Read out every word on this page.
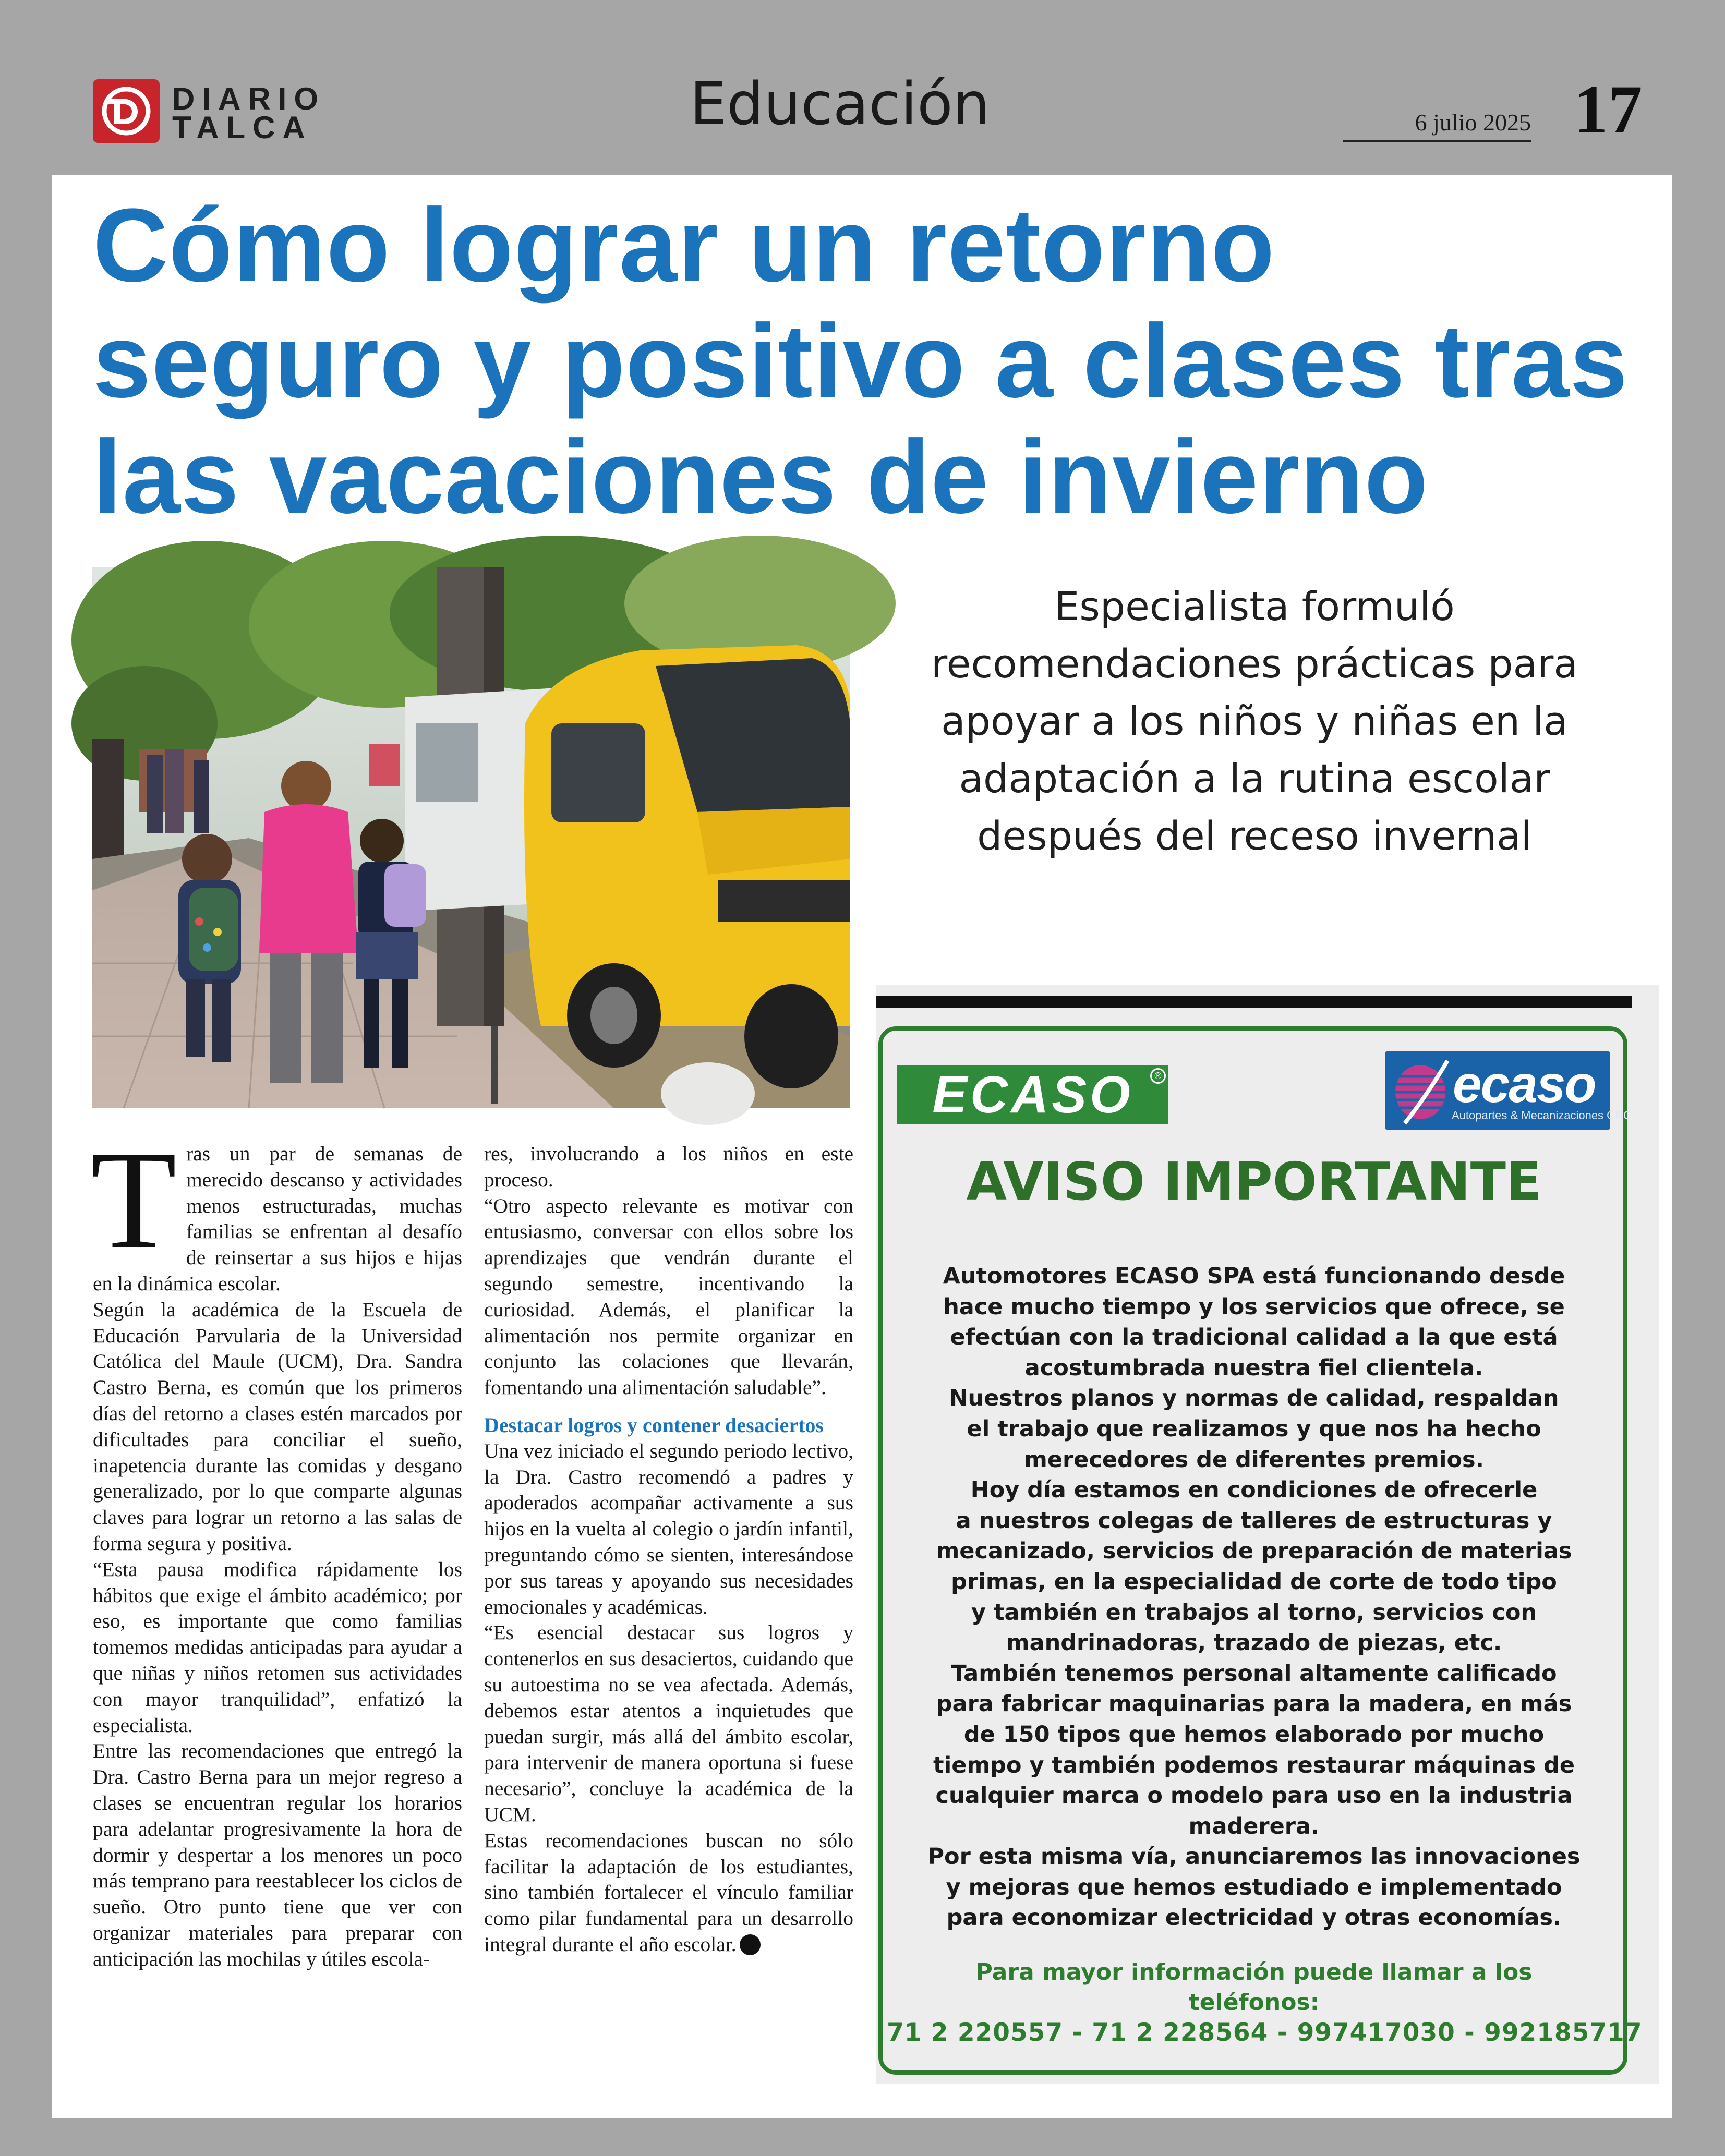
DIARIO
TALCA	Educación	6 julio 2025 17
Cómo lograr un retorno
seguro y positivo a clases tras
las vacaciones de invierno
Especialista formuló
recomendaciones prácticas para
apoyar a los niños y niñas en la
adaptación a la rutina escolar
después del receso invernal

Tras un par de semanas de merecido descanso y actividades menos estructuradas, muchas familias se enfrentan al desafío de reinsertar a sus hijos e hijas en la dinámica escolar.

Según la académica de la Escuela de Educación Parvularia de la Universidad Católica del Maule (UCM), Dra. Sandra Castro Berna, es común que los primeros días del retorno a clases estén marcados por dificultades para conciliar el sueño, inapetencia durante las comidas y desgano generalizado, por lo que comparte algunas claves para lograr un retorno a las salas de forma segura y positiva.

“Esta pausa modifica rápidamente los hábitos que exige el ámbito académico; por eso, es importante que como familias tomemos medidas anticipadas para ayudar a que niñas y niños retomen sus actividades con mayor tranquilidad”, enfatizó la especialista.

Entre las recomendaciones que entregó la Dra. Castro Berna para un mejor regreso a clases se encuentran regular los horarios para adelantar progresivamente la hora de dormir y despertar a los menores un poco más temprano para reestablecer los ciclos de sueño. Otro punto tiene que ver con organizar materiales para preparar con anticipación las mochilas y útiles escola-

res, involucrando a los niños en este proceso.

“Otro aspecto relevante es motivar con entusiasmo, conversar con ellos sobre los aprendizajes que vendrán durante el segundo semestre, incentivando la curiosidad. Además, el planificar la alimentación nos permite organizar en conjunto las colaciones que llevarán, fomentando una alimentación saludable”.

Destacar logros y contener desaciertos

Una vez iniciado el segundo periodo lectivo, la Dra. Castro recomendó a padres y apoderados acompañar activamente a sus hijos en la vuelta al colegio o jardín infantil, preguntando cómo se sienten, interesándose por sus tareas y apoyando sus necesidades emocionales y académicas.

“Es esencial destacar sus logros y contenerlos en sus desaciertos, cuidando que su autoestima no se vea afectada. Además, debemos estar atentos a inquietudes que puedan surgir, más allá del ámbito escolar, para intervenir de manera oportuna si fuese necesario”, concluye la académica de la UCM.

Estas recomendaciones buscan no sólo facilitar la adaptación de los estudiantes, sino también fortalecer el vínculo familiar como pilar fundamental para un desarrollo integral durante el año escolar.

ECASO	®	ecaso
Autopartes & Mecanizaciones CNC
AVISO IMPORTANTE
Automotores ECASO SPA está funcionando desde
hace mucho tiempo y los servicios que ofrece, se
efectúan con la tradicional calidad a la que está
acostumbrada nuestra fiel clientela.
Nuestros planos y normas de calidad, respaldan
el trabajo que realizamos y que nos ha hecho
merecedores de diferentes premios.
Hoy día estamos en condiciones de ofrecerle
a nuestros colegas de talleres de estructuras y
mecanizado, servicios de preparación de materias
primas, en la especialidad de corte de todo tipo
y también en trabajos al torno, servicios con
mandrinadoras, trazado de piezas, etc.
También tenemos personal altamente calificado
para fabricar maquinarias para la madera, en más
de 150 tipos que hemos elaborado por mucho
tiempo y también podemos restaurar máquinas de
cualquier marca o modelo para uso en la industria
maderera.
Por esta misma vía, anunciaremos las innovaciones
y mejoras que hemos estudiado e implementado
para economizar electricidad y otras economías.
Para mayor información puede llamar a los
teléfonos:
71 2 220557 - 71 2 228564 - 997417030 - 992185717
